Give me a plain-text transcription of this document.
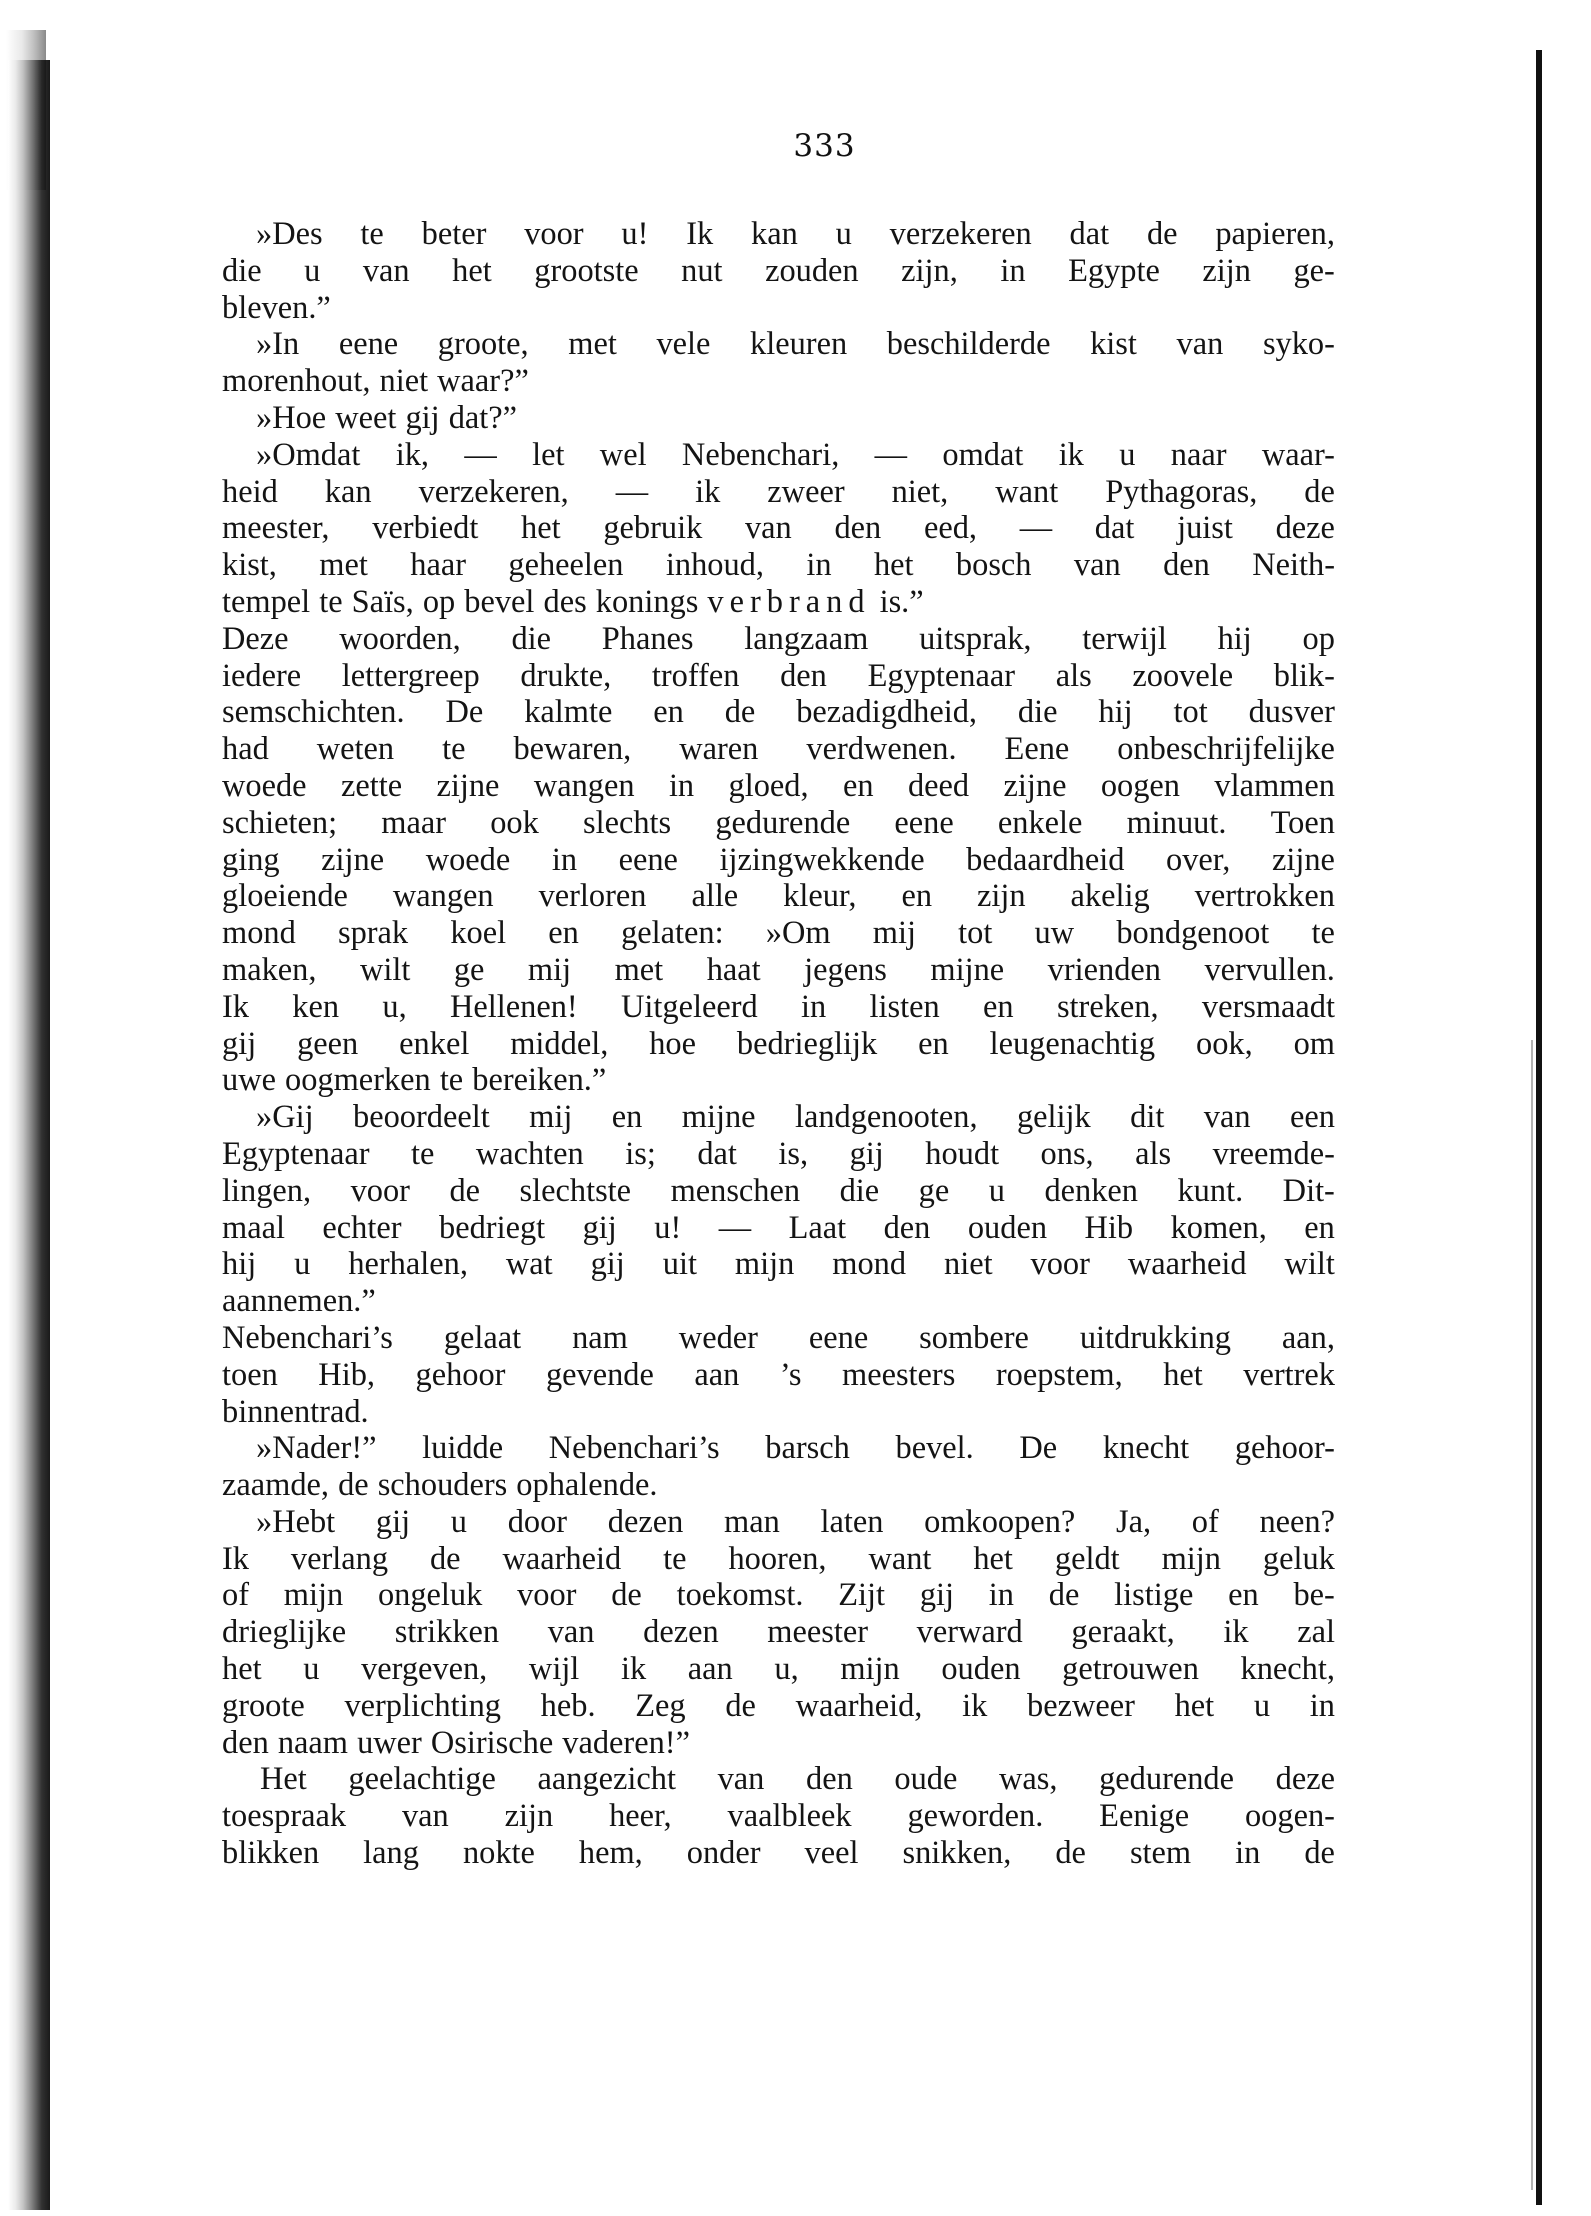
333
»Des te beter voor u! Ik kan u verzekeren dat de papieren,
die u van het grootste nut zouden zijn, in Egypte zijn ge-
bleven.”
»In eene groote, met vele kleuren beschilderde kist van syko-
morenhout, niet waar?”
»Hoe weet gij dat?”
»Omdat ik, — let wel Nebenchari, — omdat ik u naar waar-
heid kan verzekeren, — ik zweer niet, want Pythagoras, de
meester, verbiedt het gebruik van den eed, — dat juist deze
kist, met haar geheelen inhoud, in het bosch van den Neith-
tempel te Saïs, op bevel des konings verbrand is.”
Deze woorden, die Phanes langzaam uitsprak, terwijl hij op
iedere lettergreep drukte, troffen den Egyptenaar als zoovele blik-
semschichten. De kalmte en de bezadigdheid, die hij tot dusver
had weten te bewaren, waren verdwenen. Eene onbeschrijfelijke
woede zette zijne wangen in gloed, en deed zijne oogen vlammen
schieten; maar ook slechts gedurende eene enkele minuut. Toen
ging zijne woede in eene ijzingwekkende bedaardheid over, zijne
gloeiende wangen verloren alle kleur, en zijn akelig vertrokken
mond sprak koel en gelaten: »Om mij tot uw bondgenoot te
maken, wilt ge mij met haat jegens mijne vrienden vervullen.
Ik ken u, Hellenen! Uitgeleerd in listen en streken, versmaadt
gij geen enkel middel, hoe bedrieglijk en leugenachtig ook, om
uwe oogmerken te bereiken.”
»Gij beoordeelt mij en mijne landgenooten, gelijk dit van een
Egyptenaar te wachten is; dat is, gij houdt ons, als vreemde-
lingen, voor de slechtste menschen die ge u denken kunt. Dit-
maal echter bedriegt gij u! — Laat den ouden Hib komen, en
hij u herhalen, wat gij uit mijn mond niet voor waarheid wilt
aannemen.”
Nebenchari’s gelaat nam weder eene sombere uitdrukking aan,
toen Hib, gehoor gevende aan ’s meesters roepstem, het vertrek
binnentrad.
»Nader!” luidde Nebenchari’s barsch bevel. De knecht gehoor-
zaamde, de schouders ophalende.
»Hebt gij u door dezen man laten omkoopen? Ja, of neen?
Ik verlang de waarheid te hooren, want het geldt mijn geluk
of mijn ongeluk voor de toekomst. Zijt gij in de listige en be-
drieglijke strikken van dezen meester verward geraakt, ik zal
het u vergeven, wijl ik aan u, mijn ouden getrouwen knecht,
groote verplichting heb. Zeg de waarheid, ik bezweer het u in
den naam uwer Osirische vaderen!”
Het geelachtige aangezicht van den oude was, gedurende deze
toespraak van zijn heer, vaalbleek geworden. Eenige oogen-
blikken lang nokte hem, onder veel snikken, de stem in de
